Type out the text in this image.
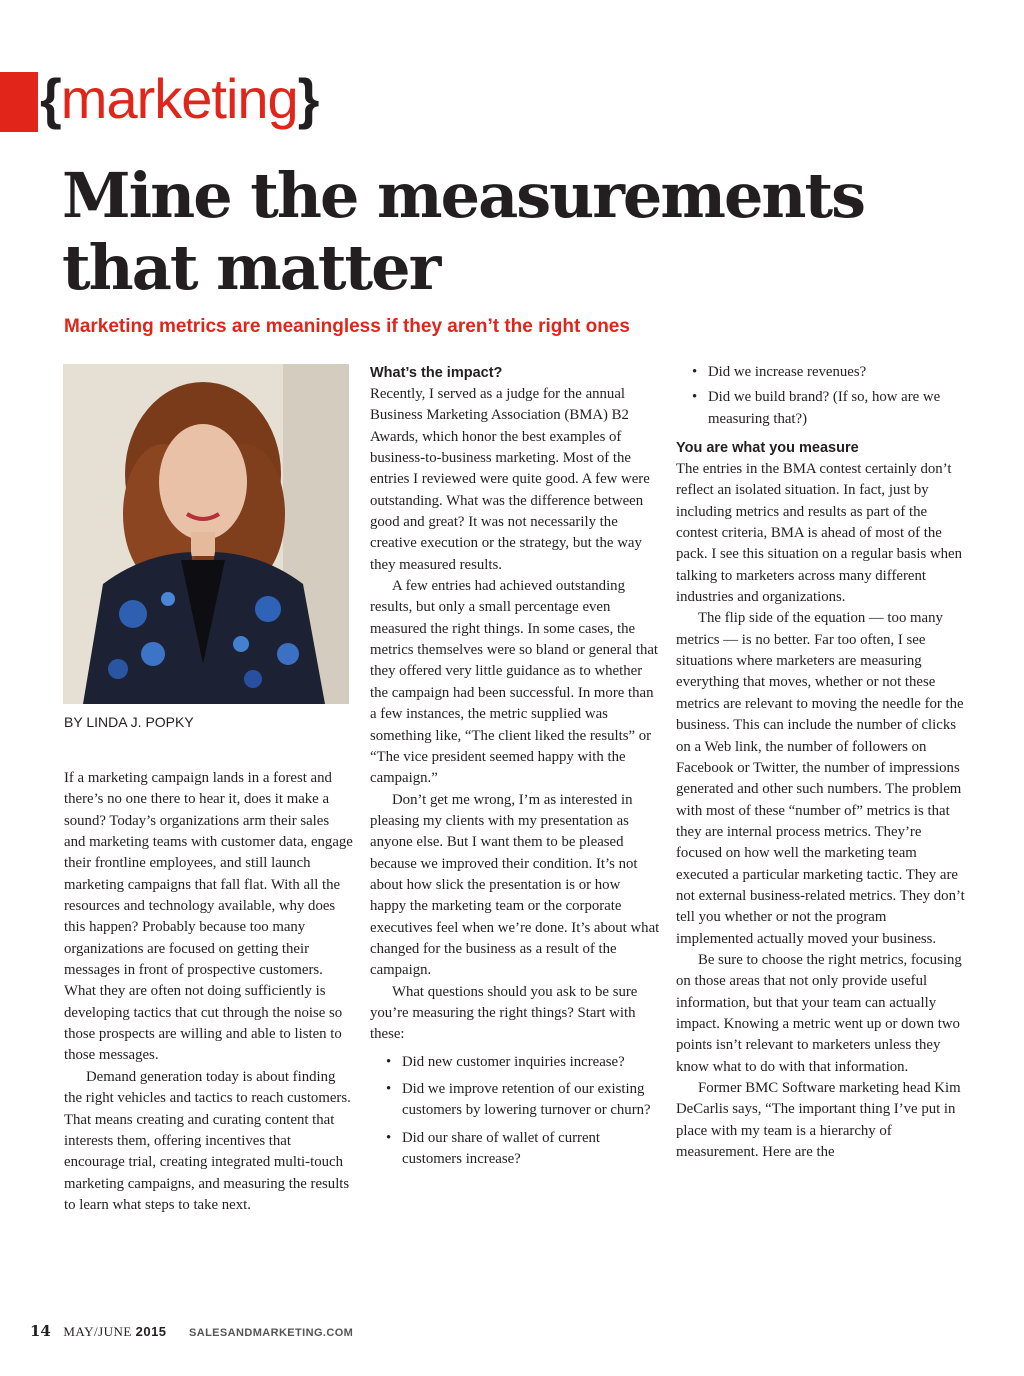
{marketing}
Mine the measurements
that matter
Marketing metrics are meaningless if they aren’t the right ones
BY LINDA J. POPKY

If a marketing campaign lands in a forest and there’s no one there to hear it, does it make a sound? Today’s organizations arm their sales and marketing teams with customer data, engage their frontline employees, and still launch marketing campaigns that fall flat. With all the resources and technology available, why does this happen? Probably because too many organizations are focused on getting their messages in front of prospective customers. What they are often not doing sufficiently is developing tactics that cut through the noise so those prospects are willing and able to listen to those messages.

Demand generation today is about finding the right vehicles and tactics to reach customers. That means creating and curating content that interests them, offering incentives that encourage trial, creating integrated multi-touch marketing campaigns, and measuring the results to learn what steps to take next.

What’s the impact?

Recently, I served as a judge for the annual Business Marketing Association (BMA) B2 Awards, which honor the best examples of business-to-business marketing. Most of the entries I reviewed were quite good. A few were outstanding. What was the difference between good and great? It was not necessarily the creative execution or the strategy, but the way they measured results.

A few entries had achieved outstanding results, but only a small percentage even measured the right things. In some cases, the metrics themselves were so bland or general that they offered very little guidance as to whether the campaign had been successful. In more than a few instances, the metric supplied was something like, “The client liked the results” or “The vice president seemed happy with the campaign.”

Don’t get me wrong, I’m as interested in pleasing my clients with my presentation as anyone else. But I want them to be pleased because we improved their condition. It’s not about how slick the presentation is or how happy the marketing team or the corporate executives feel when we’re done. It’s about what changed for the business as a result of the campaign.

What questions should you ask to be sure you’re measuring the right things? Start with these:

• Did new customer inquiries increase?
• Did we improve retention of our existing customers by lowering turnover or churn?
• Did our share of wallet of current customers increase?
• Did we increase revenues?
• Did we build brand? (If so, how are we measuring that?)
You are what you measure

The entries in the BMA contest certainly don’t reflect an isolated situation. In fact, just by including metrics and results as part of the contest criteria, BMA is ahead of most of the pack. I see this situation on a regular basis when talking to marketers across many different industries and organizations.

The flip side of the equation — too many metrics — is no better. Far too often, I see situations where marketers are measuring everything that moves, whether or not these metrics are relevant to moving the needle for the business. This can include the number of clicks on a Web link, the number of followers on Facebook or Twitter, the number of impressions generated and other such numbers. The problem with most of these “number of” metrics is that they are internal process metrics. They’re focused on how well the marketing team executed a particular marketing tactic. They are not external business-related metrics. They don’t tell you whether or not the program implemented actually moved your business.

Be sure to choose the right metrics, focusing on those areas that not only provide useful information, but that your team can actually impact. Knowing a metric went up or down two points isn’t relevant to marketers unless they know what to do with that information.

Former BMC Software marketing head Kim DeCarlis says, “The important thing I’ve put in place with my team is a hierarchy of measurement. Here are the

14 MAY/JUNE 2015 SALESANDMARKETING.COM
